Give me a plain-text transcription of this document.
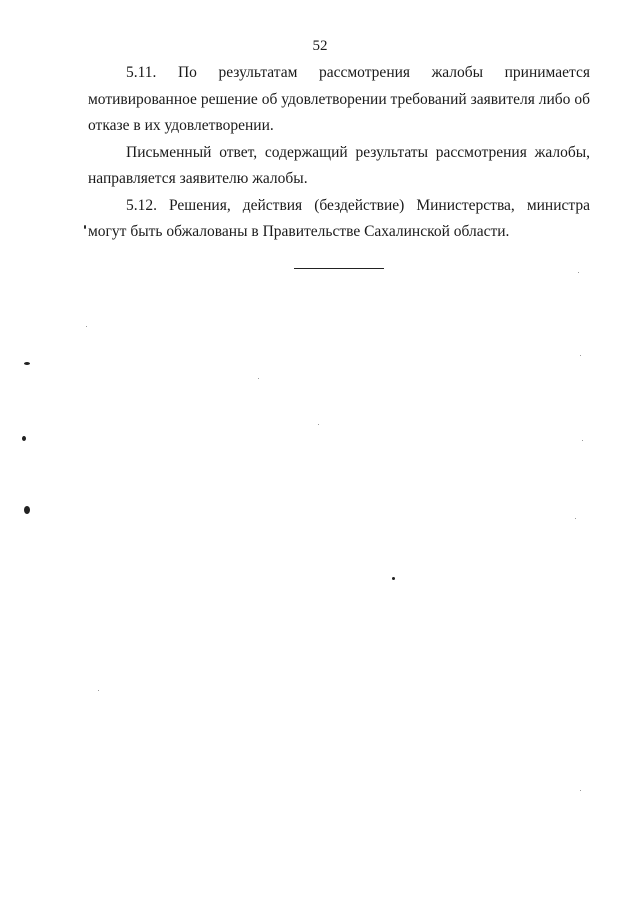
52

5.11. По результатам рассмотрения жалобы принимается мотивированное решение об удовлетворении требований заявителя либо об отказе в их удовлетворении.

Письменный ответ, содержащий результаты рассмотрения жалобы, направляется заявителю жалобы.

5.12. Решения, действия (бездействие) Министерства, министра могут быть обжалованы в Правительстве Сахалинской области.
